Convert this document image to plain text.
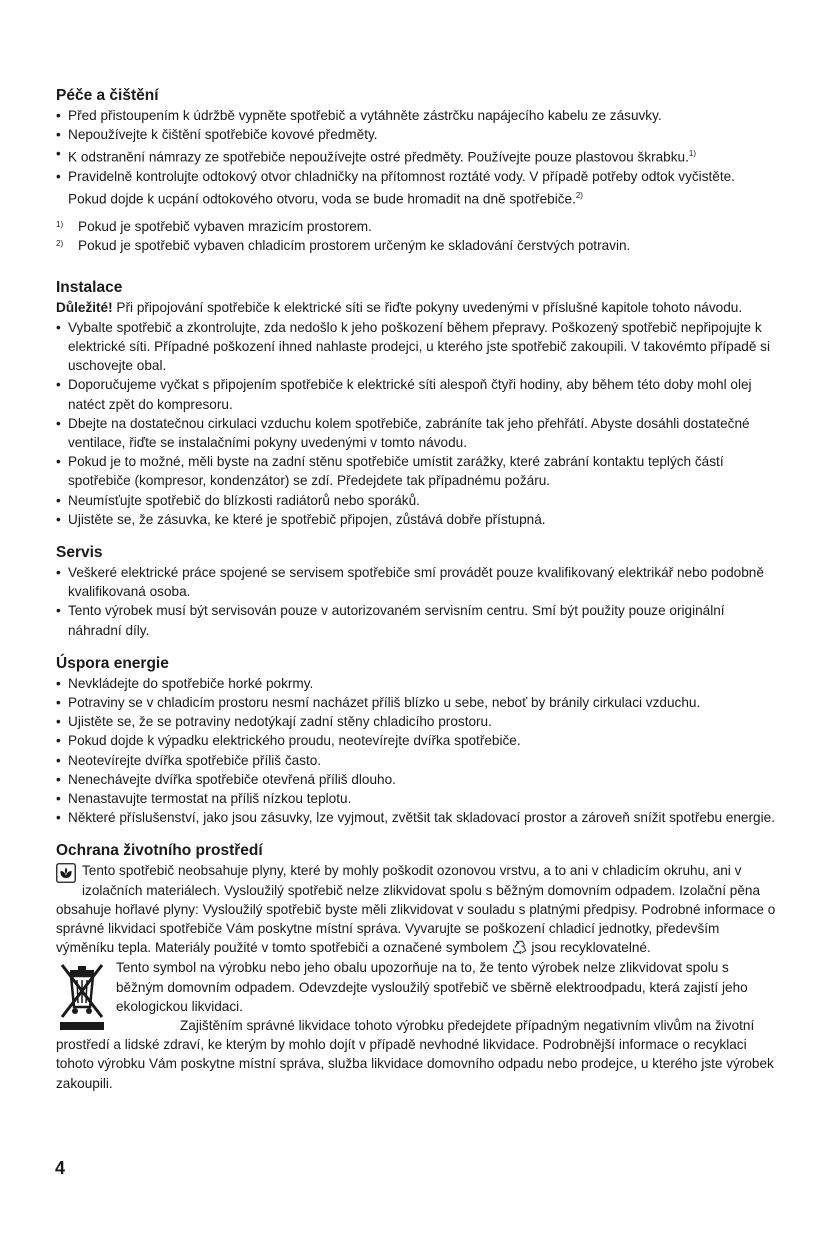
Péče a čištění
• Před přistoupením k údržbě vypněte spotřebič a vytáhněte zástrčku napájecího kabelu ze zásuvky.
• Nepoužívejte k čištění spotřebiče kovové předměty.
• K odstranění námrazy ze spotřebiče nepoužívejte ostré předměty. Používejte pouze plastovou škrabku.$^{1)}$
• Pravidelně kontrolujte odtokový otvor chladničky na přítomnost roztáté vody. V případě potřeby odtok vyčistěte. Pokud dojde k ucpání odtokového otvoru, voda se bude hromadit na dně spotřebiče.$^{2)}$
$^{1)}$	Pokud je spotřebič vybaven mrazicím prostorem.
$^{2)}$	Pokud je spotřebič vybaven chladicím prostorem určeným ke skladování čerstvých potravin.
Instalace
Důležité! Při připojování spotřebiče k elektrické síti se řiďte pokyny uvedenými v příslušné kapitole tohoto návodu.
• Vybalte spotřebič a zkontrolujte, zda nedošlo k jeho poškození během přepravy. Poškozený spotřebič nepřipojujte k elektrické síti. Případné poškození ihned nahlaste prodejci, u kterého jste spotřebič zakoupili. V takovémto případě si uschovejte obal.
• Doporučujeme vyčkat s připojením spotřebiče k elektrické síti alespoň čtyři hodiny, aby během této doby mohl olej natéct zpět do kompresoru.
• Dbejte na dostatečnou cirkulaci vzduchu kolem spotřebiče, zabráníte tak jeho přehřátí. Abyste dosáhli dostatečné ventilace, řiďte se instalačními pokyny uvedenými v tomto návodu.
• Pokud je to možné, měli byste na zadní stěnu spotřebiče umístit zarážky, které zabrání kontaktu teplých částí spotřebiče (kompresor, kondenzátor) se zdí. Předejdete tak případnému požáru.
• Neumísťujte spotřebič do blízkosti radiátorů nebo sporáků.
• Ujistěte se, že zásuvka, ke které je spotřebič připojen, zůstává dobře přístupná.
Servis
• Veškeré elektrické práce spojené se servisem spotřebiče smí provádět pouze kvalifikovaný elektrikář nebo podobně kvalifikovaná osoba.
• Tento výrobek musí být servisován pouze v autorizovaném servisním centru. Smí být použity pouze originální náhradní díly.
Úspora energie
• Nevkládejte do spotřebiče horké pokrmy.
• Potraviny se v chladicím prostoru nesmí nacházet příliš blízko u sebe, neboť by bránily cirkulaci vzduchu.
• Ujistěte se, že se potraviny nedotýkají zadní stěny chladicího prostoru.
• Pokud dojde k výpadku elektrického proudu, neotevírejte dvířka spotřebiče.
• Neotevírejte dvířka spotřebiče příliš často.
• Nenechávejte dvířka spotřebiče otevřená příliš dlouho.
• Nenastavujte termostat na příliš nízkou teplotu.
• Některé příslušenství, jako jsou zásuvky, lze vyjmout, zvětšit tak skladovací prostor a zároveň snížit spotřebu energie.
Ochrana životního prostředí
Tento spotřebič neobsahuje plyny, které by mohly poškodit ozonovou vrstvu, a to ani v chladicím okruhu, ani v izolačních materiálech. Vysloužilý spotřebič nelze zlikvidovat spolu s běžným domovním odpadem. Izolační pěna obsahuje hořlavé plyny: Vysloužilý spotřebič byste měli zlikvidovat v souladu s platnými předpisy. Podrobné informace o správné likvidaci spotřebiče Vám poskytne místní správa. Vyvarujte se poškození chladicí jednotky, především výměníku tepla. Materiály použité v tomto spotřebiči a označené symbolem  jsou recyklovatelné.
Tento symbol na výrobku nebo jeho obalu upozorňuje na to, že tento výrobek nelze zlikvidovat spolu s běžným domovním odpadem. Odevzdejte vysloužilý spotřebič ve sběrně elektroodpadu, která zajistí jeho ekologickou likvidaci.
Zajištěním správné likvidace tohoto výrobku předejdete případným negativním vlivům na životní prostředí a lidské zdraví, ke kterým by mohlo dojít v případě nevhodné likvidace. Podrobnější informace o recyklaci tohoto výrobku Vám poskytne místní správa, služba likvidace domovního odpadu nebo prodejce, u kterého jste výrobek zakoupili.
4
